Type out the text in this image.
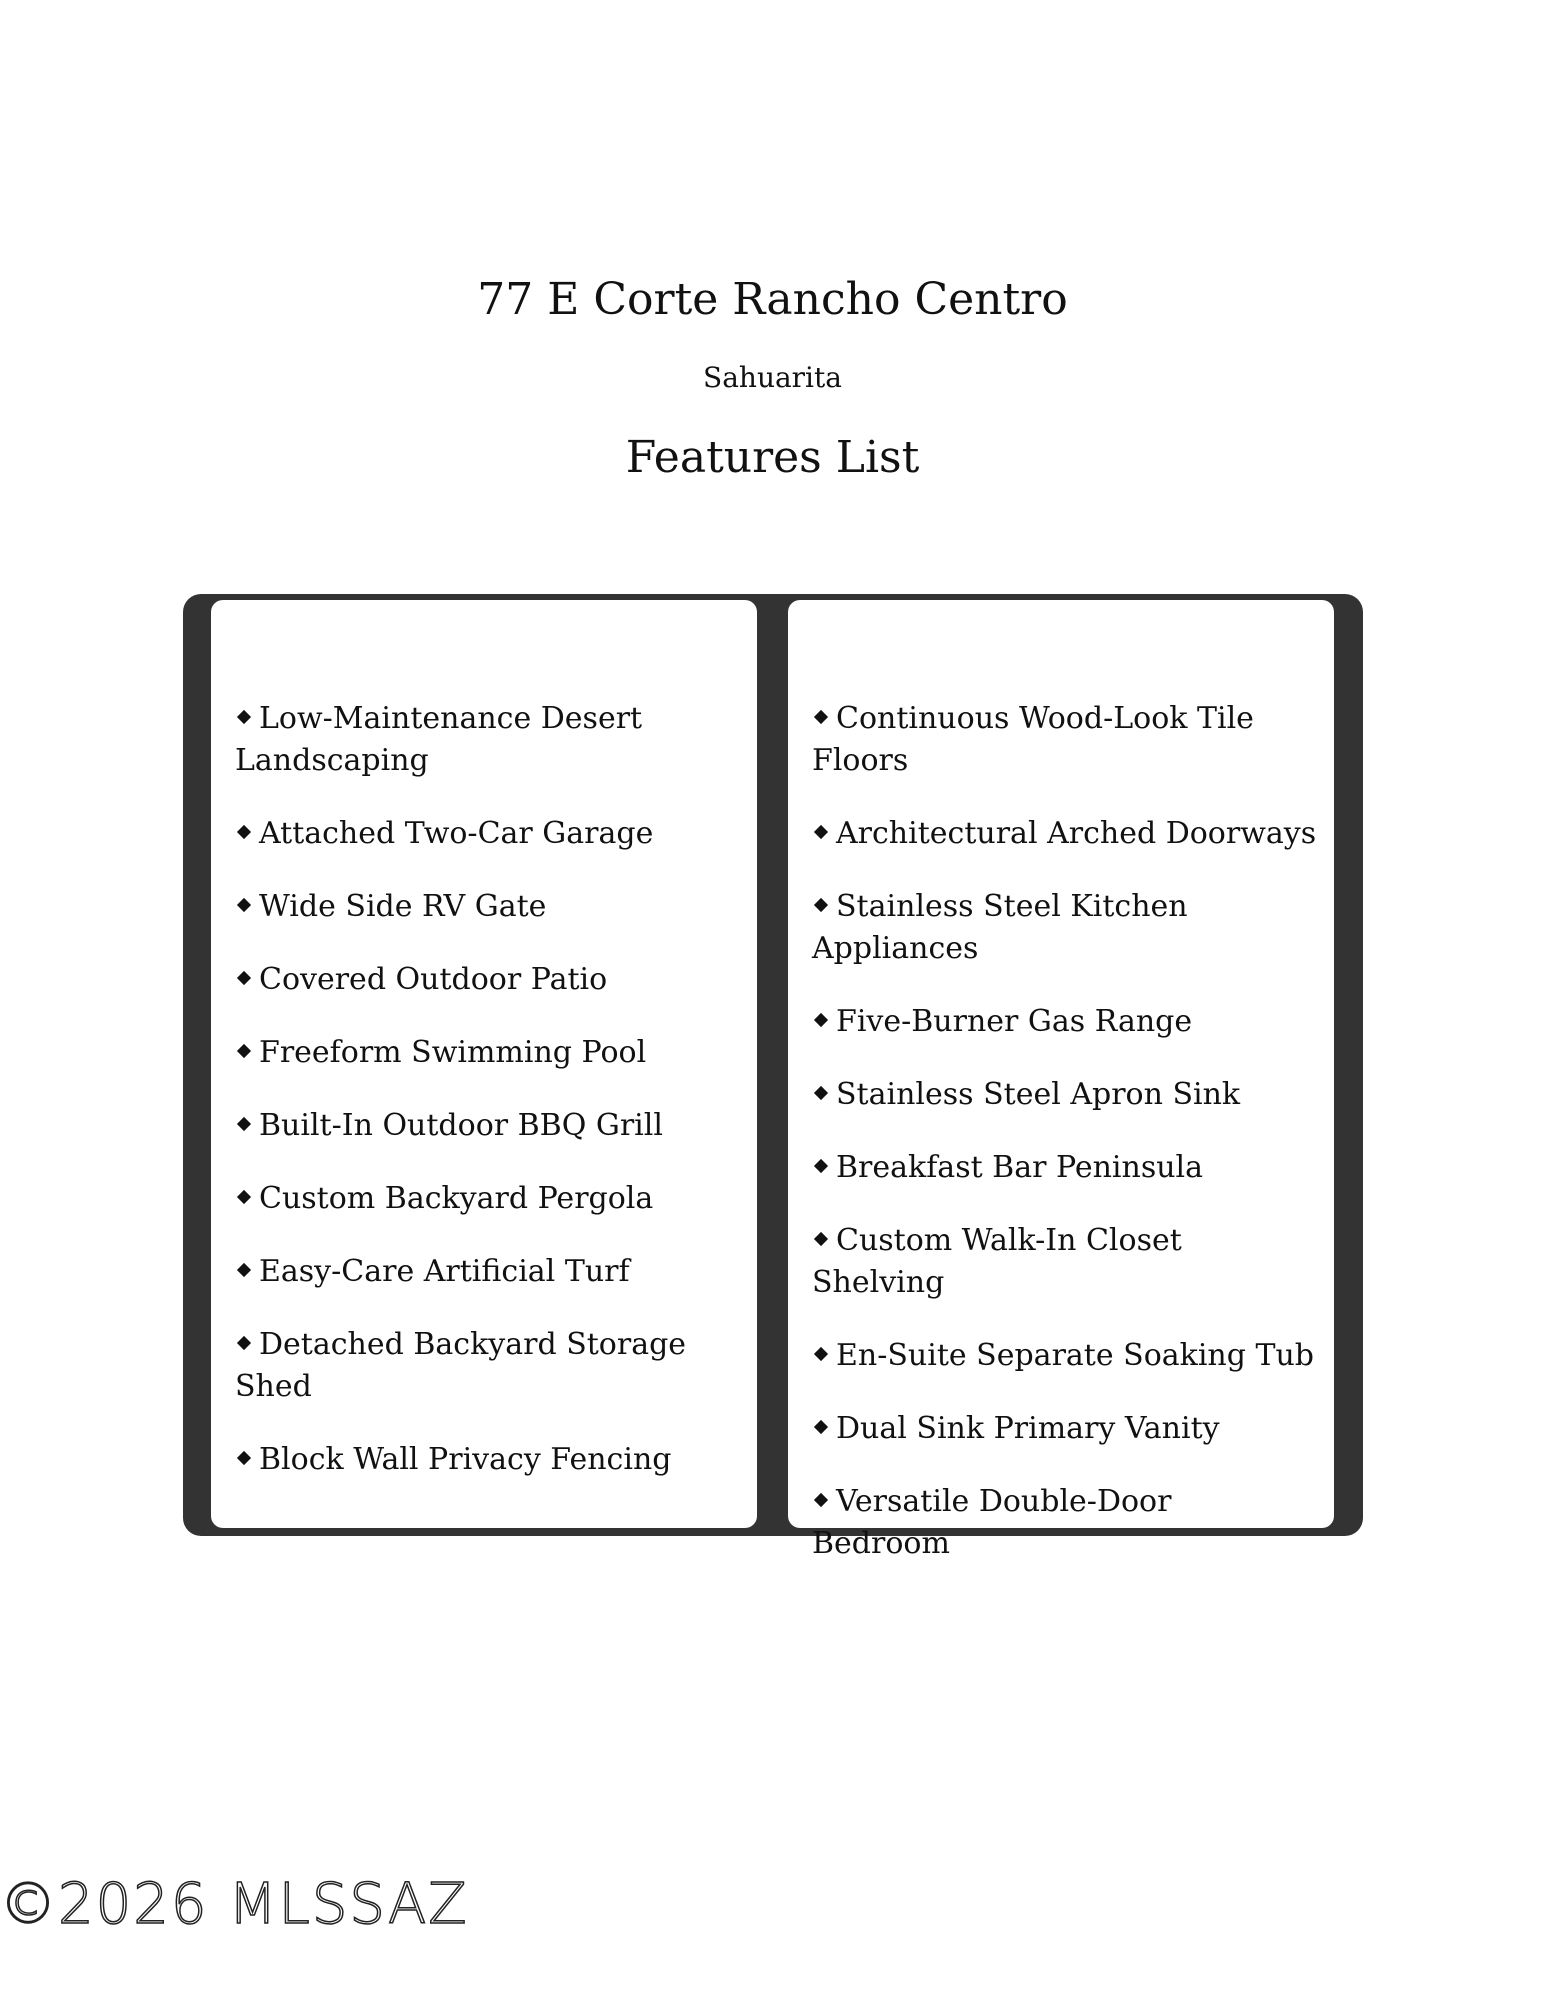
77 E Corte Rancho Centro
Sahuarita
Features List
Low-Maintenance Desert Landscaping
Attached Two-Car Garage
Wide Side RV Gate
Covered Outdoor Patio
Freeform Swimming Pool
Built-In Outdoor BBQ Grill
Custom Backyard Pergola
Easy-Care Artificial Turf
Detached Backyard Storage Shed
Block Wall Privacy Fencing
Continuous Wood-Look Tile Floors
Architectural Arched Doorways
Stainless Steel Kitchen Appliances
Five-Burner Gas Range
Stainless Steel Apron Sink
Breakfast Bar Peninsula
Custom Walk-In Closet Shelving
En-Suite Separate Soaking Tub
Dual Sink Primary Vanity
Versatile Double-Door Bedroom
©2026 MLSSAZ
